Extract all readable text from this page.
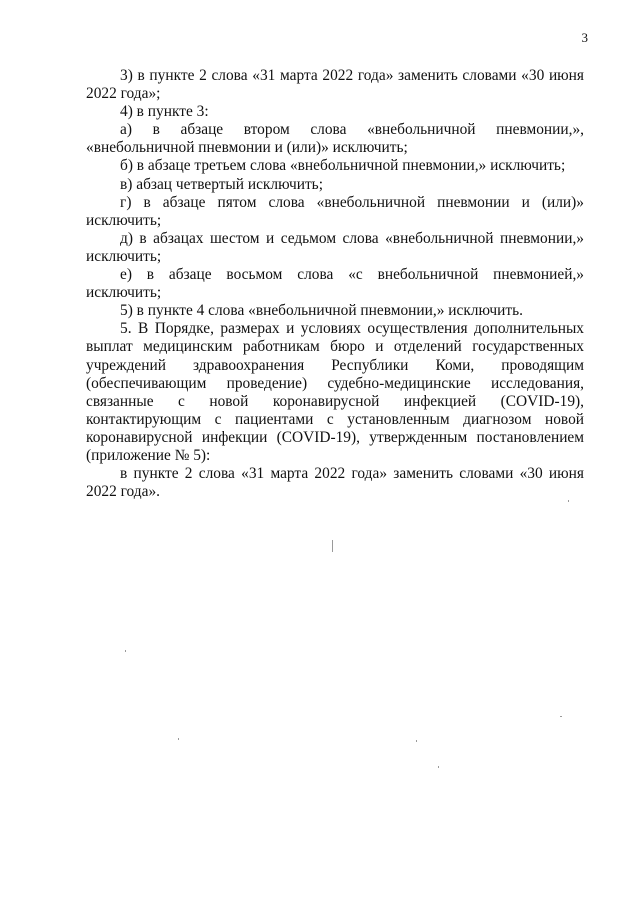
3

3) в пункте 2 слова «31 марта 2022 года» заменить словами «30 июня 2022 года»;

4) в пункте 3:

а) в абзаце втором слова «внебольничной пневмонии,», «внебольничной пневмонии и (или)» исключить;

б) в абзаце третьем слова «внебольничной пневмонии,» исключить;

в) абзац четвертый исключить;

г) в абзаце пятом слова «внебольничной пневмонии и (или)» исключить;

д) в абзацах шестом и седьмом слова «внебольничной пневмонии,» исключить;

е) в абзаце восьмом слова «с внебольничной пневмонией,» исключить;

5) в пункте 4 слова «внебольничной пневмонии,» исключить.

5. В Порядке, размерах и условиях осуществления дополнительных выплат медицинским работникам бюро и отделений государственных учреждений здравоохранения Республики Коми, проводящим (обеспечивающим проведение) судебно-медицинские исследования, связанные с новой коронавирусной инфекцией (COVID-19), контактирующим с пациентами с установленным диагнозом новой коронавирусной инфекции (COVID-19), утвержденным постановлением (приложение № 5):

в пункте 2 слова «31 марта 2022 года» заменить словами «30 июня 2022 года».
